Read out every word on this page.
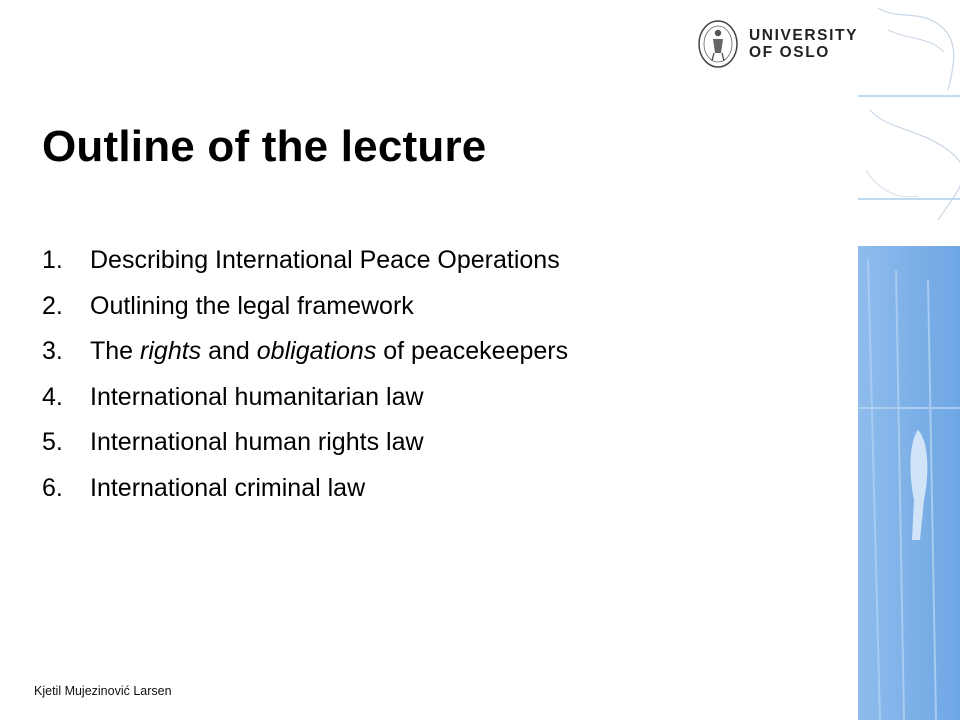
UNIVERSITY
OF OSLO
Outline of the lecture
1.	Describing International Peace Operations
2.	Outlining the legal framework
3.	The rights and obligations of peacekeepers
4.	International humanitarian law
5.	International human rights law
6.	International criminal law
Kjetil Mujezinović Larsen
